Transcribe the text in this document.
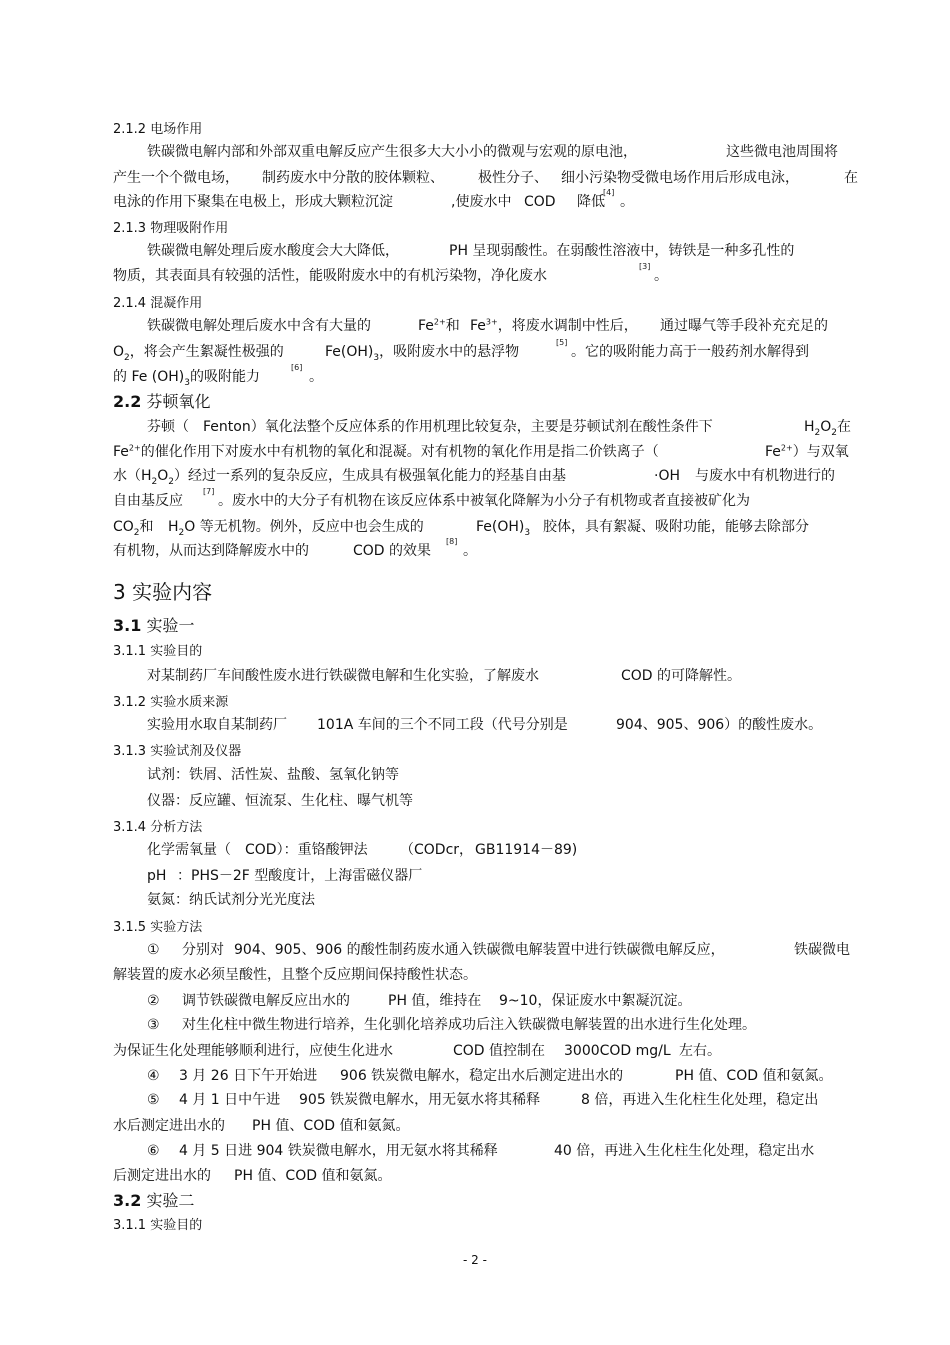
2.1.2 电场作用
铁碳微电解内部和外部双重电解反应产生很多大大小小的微观与宏观的原电池，	这些微电池周围将
产生一个个微电场， 制药废水中分散的胶体颗粒、 极性分子、 细小污染物受微电场作用后形成电泳，	在
电泳的作用下聚集在电极上，形成大颗粒沉淀	,使废水中 COD 降低
[4]
。
2.1.3 物理吸附作用
铁碳微电解处理后废水酸度会大大降低，	PH 呈现弱酸性。在弱酸性溶液中，铸铁是一种多孔性的
物质，其表面具有较强的活性，能吸附废水中的有机污染物，净化废水
[3]
。
2.1.4 混凝作用
铁碳微电解处理后废水中含有大量的	$Fe^{2+}$和 $Fe^{3+}$，将废水调制中性后， 通过曝气等手段补充充足的
$O_2$，将会产生絮凝性极强的	$Fe(OH)_3$，吸附废水中的悬浮物
[5]
。它的吸附能力高于一般药剂水解得到
的 Fe $(OH)_3$的吸附能力
[6]
。
2.2 芬顿氧化
芬顿（ Fenton）氧化法整个反应体系的作用机理比较复杂，主要是芬顿试剂在酸性条件下	$H_2O_2$在
$Fe^{2+}$的催化作用下对废水中有机物的氧化和混凝。对有机物的氧化作用是指二价铁离子（	$Fe^{2+}$）与双氧
水$(H_2O_2)$经过一系列的复杂反应，生成具有极强氧化能力的羟基自由基	·OH 与废水中有机物进行的
自由基反应
[7]
。废水中的大分子有机物在该反应体系中被氧化降解为小分子有机物或者直接被矿化为
$CO_2$和 $H_2O$ 等无机物。例外，反应中也会生成的	$Fe(OH)_3$ 胶体，具有絮凝、吸附功能，能够去除部分
有机物，从而达到降解废水中的	COD 的效果
[8]
。
3 实验内容
3.1 实验一
3.1.1 实验目的
对某制药厂车间酸性废水进行铁碳微电解和生化实验，了解废水	COD 的可降解性。
3.1.2 实验水质来源
实验用水取自某制药厂 101A 车间的三个不同工段（代号分别是	904、905、906）的酸性废水。
3.1.3 实验试剂及仪器
试剂：铁屑、活性炭、盐酸、氢氧化钠等
仪器：反应罐、恒流泵、生化柱、曝气机等
3.1.4 分析方法
化学需氧量（ COD）：重铬酸钾法 （CODcr， GB11914－89)
pH ：PHS－2F 型酸度计，上海雷磁仪器厂
氨氮：纳氏试剂分光光度法
3.1.5 实验方法
① 分别对 904、905、906 的酸性制药废水通入铁碳微电解装置中进行铁碳微电解反应，	铁碳微电
解装置的废水必须呈酸性，且整个反应期间保持酸性状态。
② 调节铁碳微电解反应出水的	PH 值，维持在 9~10，保证废水中絮凝沉淀。
③ 对生化柱中微生物进行培养，生化驯化培养成功后注入铁碳微电解装置的出水进行生化处理。
为保证生化处理能够顺利进行，应使生化进水	COD 值控制在 3000COD mg/L 左右。
④ 3 月 26 日下午开始进 906 铁炭微电解水，稳定出水后测定进出水的	PH 值、COD 值和氨氮。
⑤ 4 月 1 日中午进 905 铁炭微电解水，用无氨水将其稀释	8 倍，再进入生化柱生化处理，稳定出
水后测定进出水的 PH 值、COD 值和氨氮。
⑥ 4 月 5 日进 904 铁炭微电解水，用无氨水将其稀释	40 倍，再进入生化柱生化处理，稳定出水
后测定进出水的 PH 值、COD 值和氨氮。
3.2 实验二
3.1.1 实验目的
- 2 -
